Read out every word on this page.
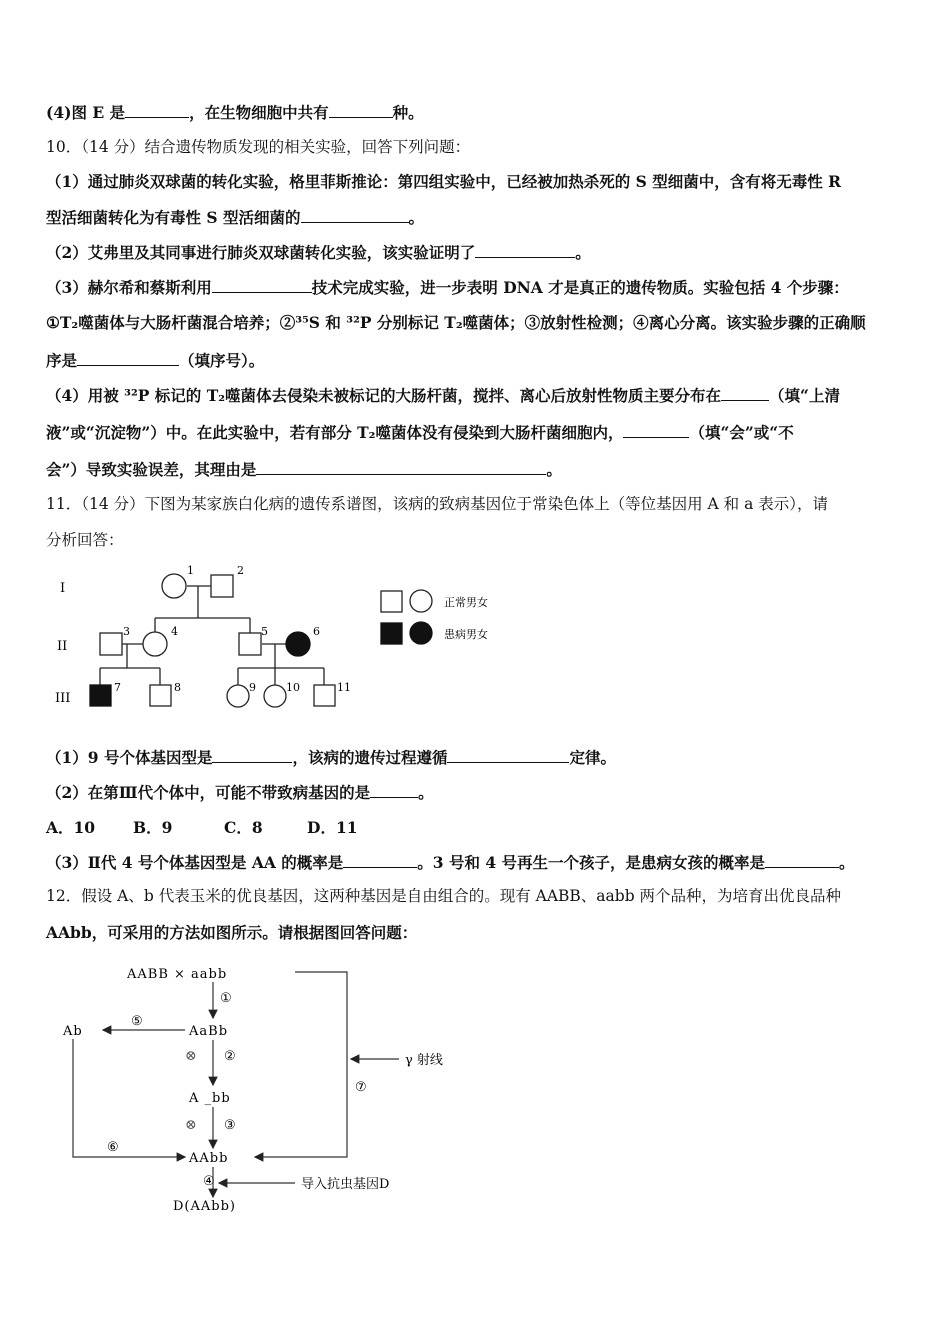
(4)图 E 是	，在生物细胞中共有	种。
10．（14 分）结合遗传物质发现的相关实验，回答下列问题：
（1）通过肺炎双球菌的转化实验，格里菲斯推论：第四组实验中，已经被加热杀死的 S 型细菌中，含有将无毒性 R
型活细菌转化为有毒性 S 型活细菌的	。
（2）艾弗里及其同事进行肺炎双球菌转化实验，该实验证明了	。
（3）赫尔希和蔡斯利用	技术完成实验，进一步表明 DNA 才是真正的遗传物质。实验包括 4 个步骤：
①T₂噬菌体与大肠杆菌混合培养；②³⁵S 和 ³²P 分别标记 T₂噬菌体；③放射性检测；④离心分离。该实验步骤的正确顺
序是	（填序号）。
（4）用被 ³²P 标记的 T₂噬菌体去侵染未被标记的大肠杆菌，搅拌、离心后放射性物质主要分布在	（填“上清
液”或“沉淀物”）中。在此实验中，若有部分 T₂噬菌体没有侵染到大肠杆菌细胞内，	（填“会”或“不
会”）导致实验误差，其理由是	。
11．（14 分）下图为某家族白化病的遗传系谱图，该病的致病基因位于常染色体上（等位基因用 A 和 a 表示），请
分析回答：
I
II
III
1	2
3	4	5	6
7	8	9	10	11
正常男女
患病男女
（1）9 号个体基因型是	，该病的遗传过程遵循	定律。
（2）在第Ⅲ代个体中，可能不带致病基因的是	。
A．10 B．9	C．8	D．11
（3）Ⅱ代 4 号个体基因型是 AA 的概率是	。3 号和 4 号再生一个孩子，是患病女孩的概率是	。
12．假设 A、b 代表玉米的优良基因，这两种基因是自由组合的。现有 AABB、aabb 两个品种，为培育出优良品种
AAbb，可采用的方法如图所示。请根据图回答问题：
AABB × aabb
AaBb
Ab
A _bb
AAbb
D(AAbb)
γ 射线
导入抗虫基因D
①
②
③
④
⑤
⑥
⑦
⊗
⊗
